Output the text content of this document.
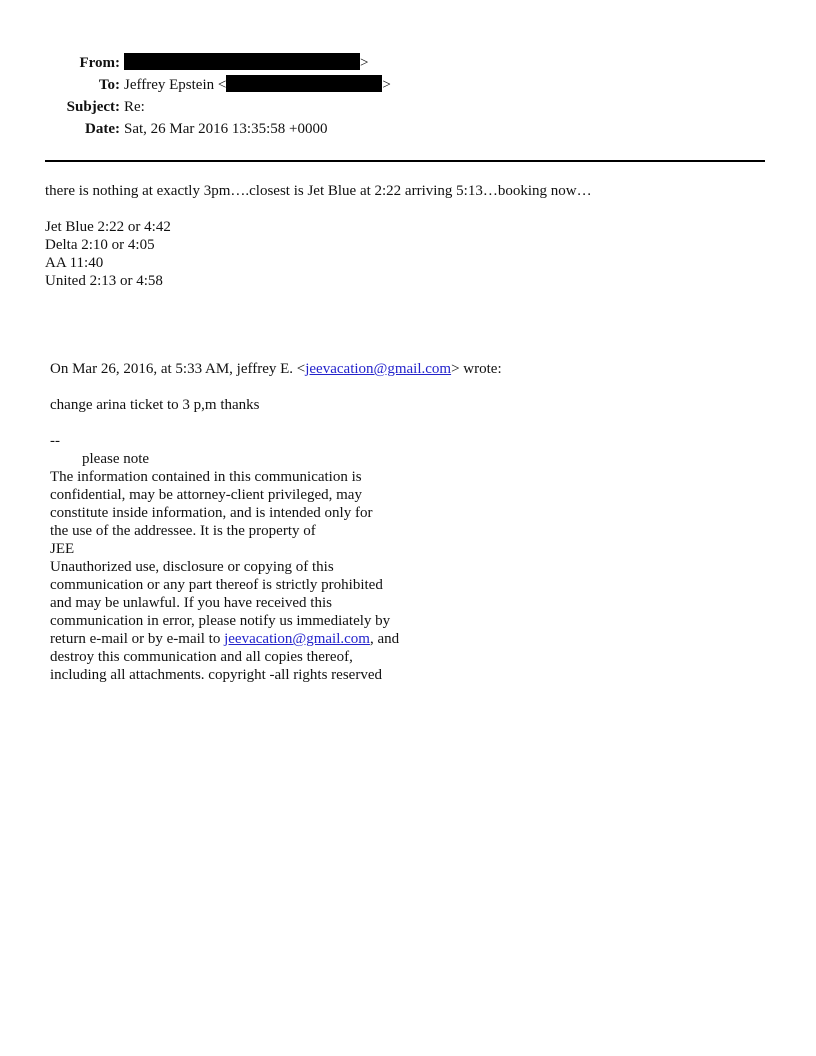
From:	>
To: Jeffrey Epstein <	>
Subject: Re:
Date: Sat, 26 Mar 2016 13:35:58 +0000
there is nothing at exactly 3pm….closest is Jet Blue at 2:22 arriving 5:13…booking now…
Jet Blue 2:22 or 4:42
Delta 2:10 or 4:05
AA 11:40
United 2:13 or 4:58
On Mar 26, 2016, at 5:33 AM, jeffrey E. <jeevacation@gmail.com> wrote:
change arina ticket to 3 p,m thanks
--
please note
The information contained in this communication is
confidential, may be attorney-client privileged, may
constitute inside information, and is intended only for
the use of the addressee. It is the property of
JEE
Unauthorized use, disclosure or copying of this
communication or any part thereof is strictly prohibited
and may be unlawful. If you have received this
communication in error, please notify us immediately by
return e-mail or by e-mail to jeevacation@gmail.com, and
destroy this communication and all copies thereof,
including all attachments. copyright -all rights reserved
